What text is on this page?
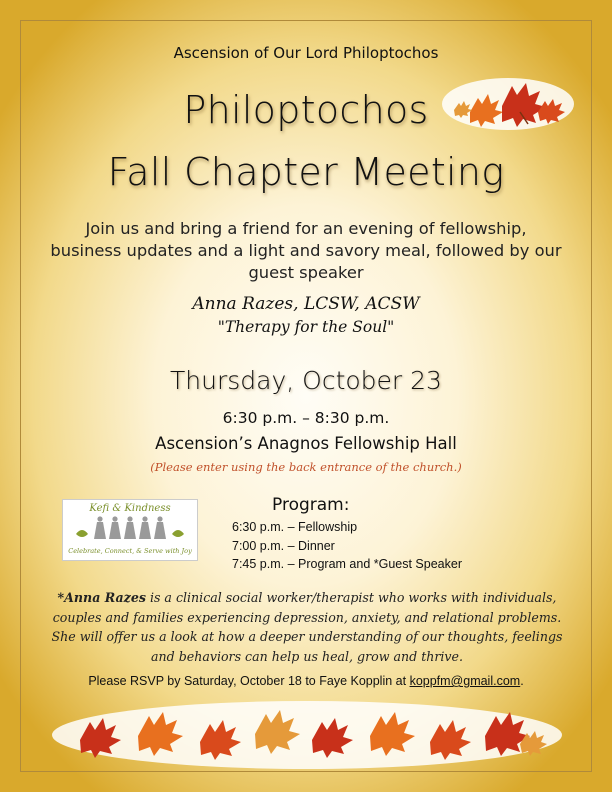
Ascension of Our Lord Philoptochos
Philoptochos
Fall Chapter Meeting
Join us and bring a friend for an evening of fellowship, business updates and a light and savory meal, followed by our guest speaker
Anna Razes, LCSW, ACSW
"Therapy for the Soul"
Thursday, October 23
6:30 p.m. – 8:30 p.m.
Ascension’s Anagnos Fellowship Hall
(Please enter using the back entrance of the church.)
Kefi & Kindness
Celebrate, Connect, & Serve with Joy
Program:
6:30 p.m. – Fellowship
7:00 p.m. – Dinner
7:45 p.m. – Program and *Guest Speaker
*Anna Razes is a clinical social worker/therapist who works with individuals, couples and families experiencing depression, anxiety, and relational problems. She will offer us a look at how a deeper understanding of our thoughts, feelings and behaviors can help us heal, grow and thrive.
Please RSVP by Saturday, October 18 to Faye Kopplin at koppfm@gmail.com.
